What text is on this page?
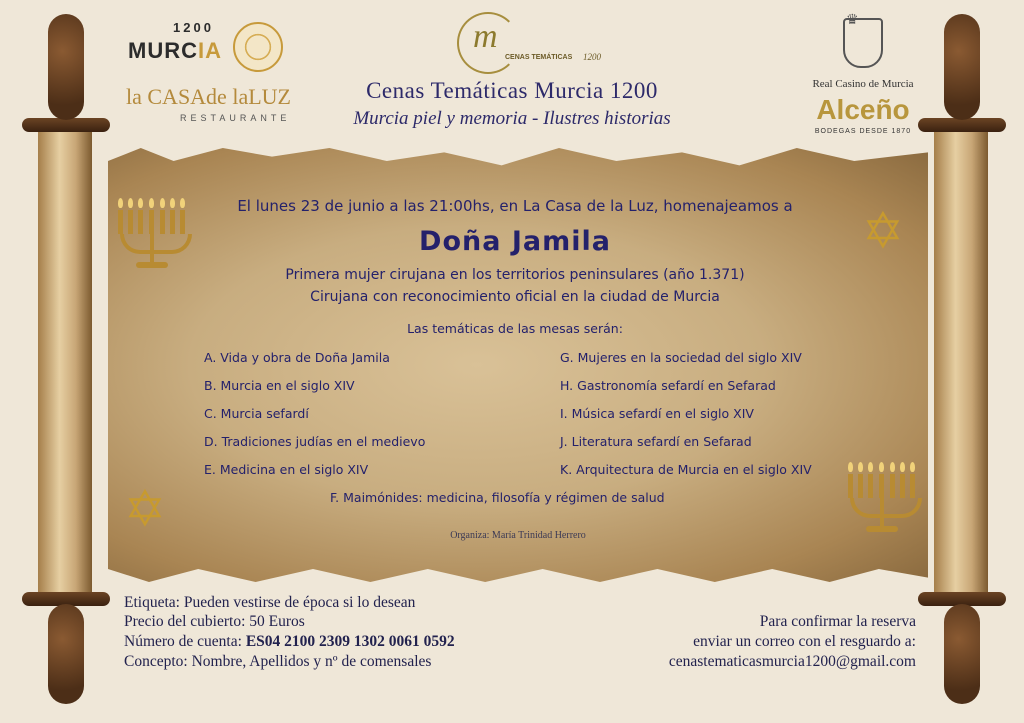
1200
MURCIA
la CASAde laLUZ
RESTAURANTE
m
CENAS TEMÁTICAS 1200
Cenas Temáticas Murcia 1200
Murcia piel y memoria - Ilustres historias
♛
Real Casino de Murcia
Alceño
BODEGAS DESDE 1870
✡
✡
El lunes 23 de junio a las 21:00hs, en La Casa de la Luz, homenajeamos a
Doña Jamila
Primera mujer cirujana en los territorios peninsulares (año 1.371)
Cirujana con reconocimiento oficial en la ciudad de Murcia
Las temáticas de las mesas serán:
A. Vida y obra de Doña Jamila
B. Murcia en el siglo XIV
C. Murcia sefardí
D. Tradiciones judías en el medievo
E. Medicina en el siglo XIV
G. Mujeres en la sociedad del siglo XIV
H. Gastronomía sefardí en Sefarad
I. Música sefardí en el siglo XIV
J. Literatura sefardí en Sefarad
K. Arquitectura de Murcia en el siglo XIV
F. Maimónides: medicina, filosofía y régimen de salud
Organiza: María Trinidad Herrero
Etiqueta: Pueden vestirse de época si lo desean
Precio del cubierto: 50 Euros
Número de cuenta: ES04 2100 2309 1302 0061 0592
Concepto: Nombre, Apellidos y nº de comensales
Para confirmar la reserva
enviar un correo con el resguardo a:
cenastematicasmurcia1200@gmail.com
